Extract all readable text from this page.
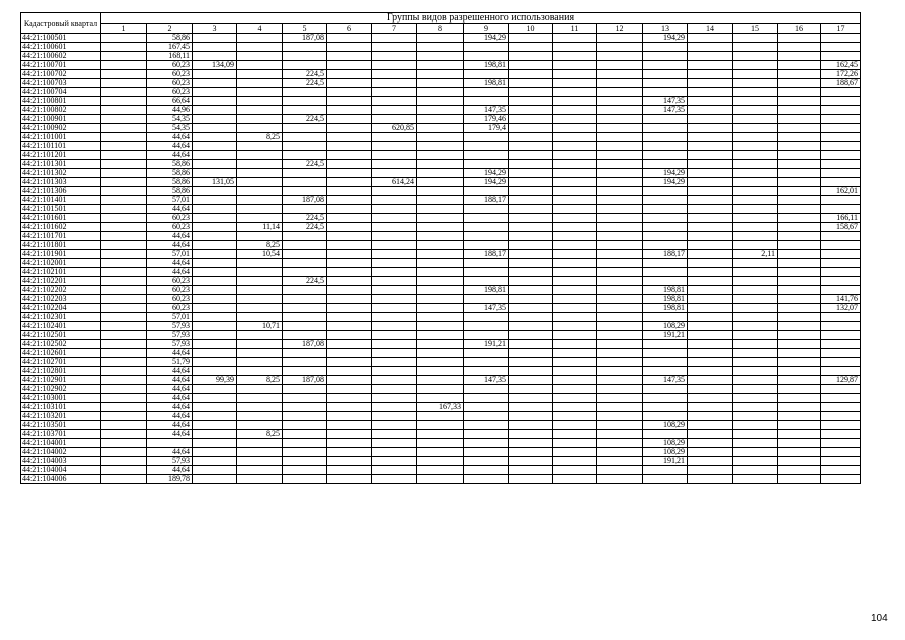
Кадастровый квартал	Группы видов разрешенного использования																
	1	2	3	4	5	6	7	8	9	10	11	12	13	14	15	16	17
44:21:100501		58,86			187,08				194,29				194,29				
44:21:100601		167,45															
44:21:100602		168,11															
44:21:100701		60,23	134,09						198,81								162,45
44:21:100702		60,23			224,5												172,26
44:21:100703		60,23			224,5				198,81								188,67
44:21:100704		60,23															
44:21:100801		66,64											147,35				
44:21:100802		44,96							147,35				147,35				
44:21:100901		54,35			224,5				179,46								
44:21:100902		54,35					620,85		179,4								
44:21:101001		44,64		8,25													
44:21:101101		44,64															
44:21:101201		44,64															
44:21:101301		58,86			224,5												
44:21:101302		58,86							194,29				194,29				
44:21:101303		58,86	131,05				614,24		194,29				194,29				
44:21:101306		58,86															162,01
44:21:101401		57,01			187,08				188,17								
44:21:101501		44,64															
44:21:101601		60,23			224,5												166,11
44:21:101602		60,23		11,14	224,5												158,67
44:21:101701		44,64															
44:21:101801		44,64		8,25													
44:21:101901		57,01		10,54					188,17				188,17		2,11		
44:21:102001		44,64															
44:21:102101		44,64															
44:21:102201		60,23			224,5												
44:21:102202		60,23							198,81				198,81				
44:21:102203		60,23											198,81				141,76
44:21:102204		60,23							147,35				198,81				132,07
44:21:102301		57,01															
44:21:102401		57,93		10,71									108,29				
44:21:102501		57,93											191,21				
44:21:102502		57,93			187,08				191,21								
44:21:102601		44,64															
44:21:102701		51,79															
44:21:102801		44,64															
44:21:102901		44,64	99,39	8,25	187,08				147,35				147,35				129,87
44:21:102902		44,64															
44:21:103001		44,64															
44:21:103101		44,64						167,33									
44:21:103201		44,64															
44:21:103501		44,64											108,29				
44:21:103701		44,64		8,25													
44:21:104001													108,29				
44:21:104002		44,64											108,29				
44:21:104003		57,93											191,21				
44:21:104004		44,64															
44:21:104006		189,78															
104
